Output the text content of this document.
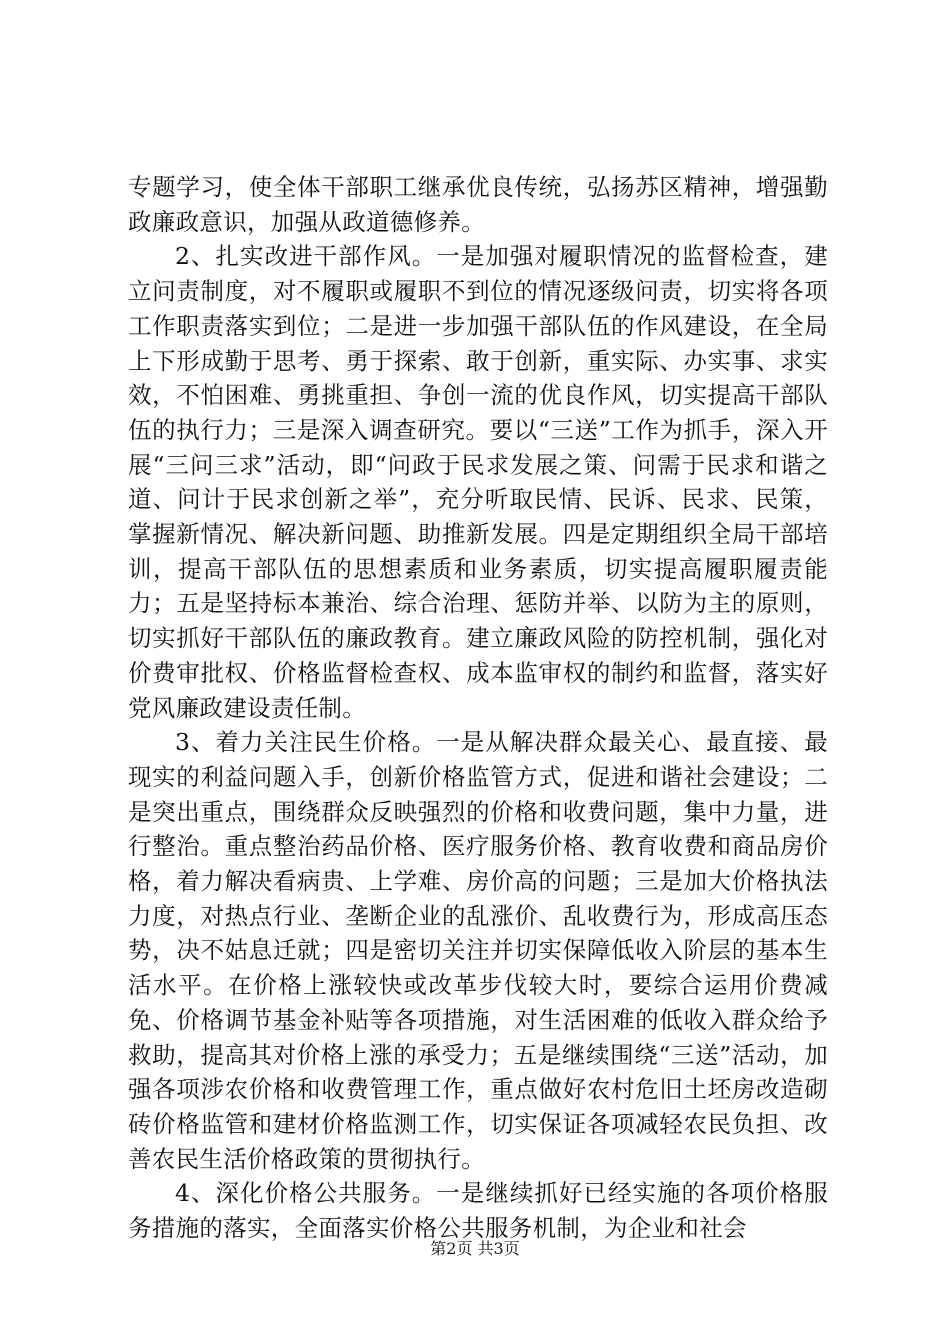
专题学习，使全体干部职工继承优良传统，弘扬苏区精神，增强勤政廉政意识，加强从政道德修养。

2、扎实改进干部作风。一是加强对履职情况的监督检查，建立问责制度，对不履职或履职不到位的情况逐级问责，切实将各项工作职责落实到位；二是进一步加强干部队伍的作风建设，在全局上下形成勤于思考、勇于探索、敢于创新，重实际、办实事、求实效，不怕困难、勇挑重担、争创一流的优良作风，切实提高干部队伍的执行力；三是深入调查研究。要以“三送”工作为抓手，深入开展“三问三求”活动，即“问政于民求发展之策、问需于民求和谐之道、问计于民求创新之举”，充分听取民情、民诉、民求、民策，掌握新情况、解决新问题、助推新发展。四是定期组织全局干部培训，提高干部队伍的思想素质和业务素质，切实提高履职履责能力；五是坚持标本兼治、综合治理、惩防并举、以防为主的原则，切实抓好干部队伍的廉政教育。建立廉政风险的防控机制，强化对价费审批权、价格监督检查权、成本监审权的制约和监督，落实好党风廉政建设责任制。

3、着力关注民生价格。一是从解决群众最关心、最直接、最现实的利益问题入手，创新价格监管方式，促进和谐社会建设；二是突出重点，围绕群众反映强烈的价格和收费问题，集中力量，进行整治。重点整治药品价格、医疗服务价格、教育收费和商品房价格，着力解决看病贵、上学难、房价高的问题；三是加大价格执法力度，对热点行业、垄断企业的乱涨价、乱收费行为，形成高压态势，决不姑息迁就；四是密切关注并切实保障低收入阶层的基本生活水平。在价格上涨较快或改革步伐较大时，要综合运用价费减免、价格调节基金补贴等各项措施，对生活困难的低收入群众给予救助，提高其对价格上涨的承受力；五是继续围绕“三送”活动，加强各项涉农价格和收费管理工作，重点做好农村危旧土坯房改造砌砖价格监管和建材价格监测工作，切实保证各项减轻农民负担、改善农民生活价格政策的贯彻执行。

4、深化价格公共服务。一是继续抓好已经实施的各项价格服务措施的落实，全面落实价格公共服务机制，为企业和社会

第2页 共3页
